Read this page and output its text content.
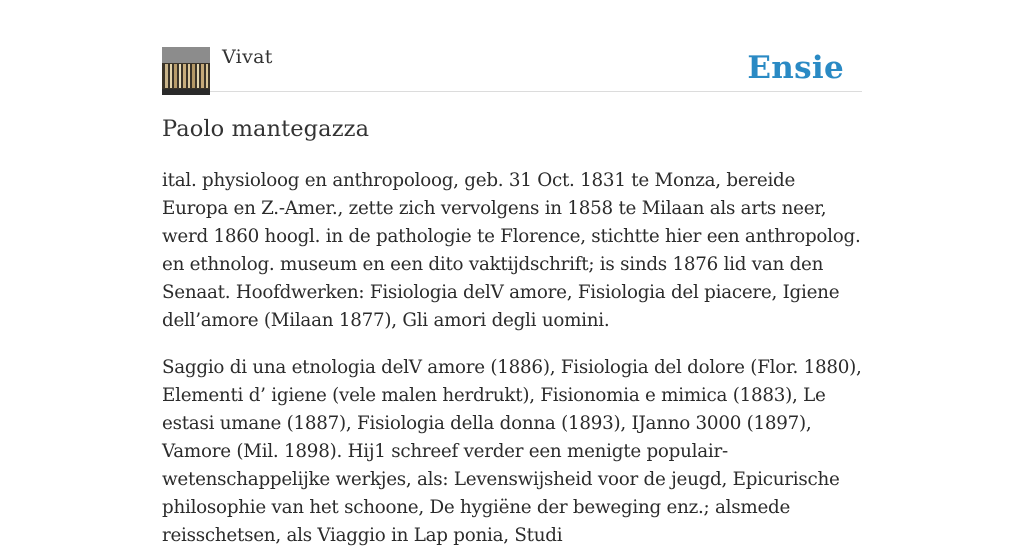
Vivat	Ensie
Paolo mantegazza

ital. physioloog en anthropoloog, geb. 31 Oct. 1831 te Monza, bereide Europa en Z.-Amer., zette zich vervolgens in 1858 te Milaan als arts neer, werd 1860 hoogl. in de pathologie te Florence, stichtte hier een anthropolog. en ethnolog. museum en een dito vaktijdschrift; is sinds 1876 lid van den Senaat. Hoofdwerken: Fisiologia delV amore, Fisiologia del piacere, Igiene dell’amore (Milaan 1877), Gli amori degli uomini.

Saggio di una etnologia delV amore (1886), Fisiologia del dolore (Flor. 1880), Elementi d’ igiene (vele malen herdrukt), Fisionomia e mimica (1883), Le estasi umane (1887), Fisiologia della donna (1893), IJanno 3000 (1897), Vamore (Mil. 1898). Hij1 schreef verder een menigte populair-wetenschappelijke werkjes, als: Levenswijsheid voor de jeugd, Epicurische philosophie van het schoone, De hygiëne der beweging enz.; alsmede reisschetsen, als Viaggio in Lap ponia, Studi
